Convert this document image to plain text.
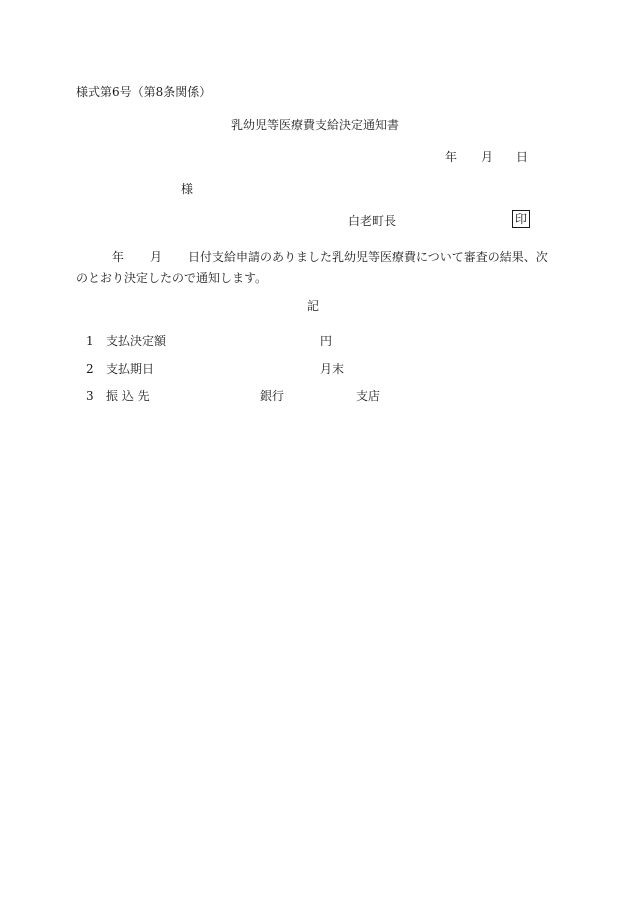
様式第6号（第8条関係）
乳幼児等医療費支給決定通知書
年 月 日
様
白老町長	印
年 月 日付支給申請のありました乳幼児等医療費について審査の結果、次のとおり決定したので通知します。
記
1 支払決定額	円
2 支払期日	月末
3 振 込 先	銀行	支店
